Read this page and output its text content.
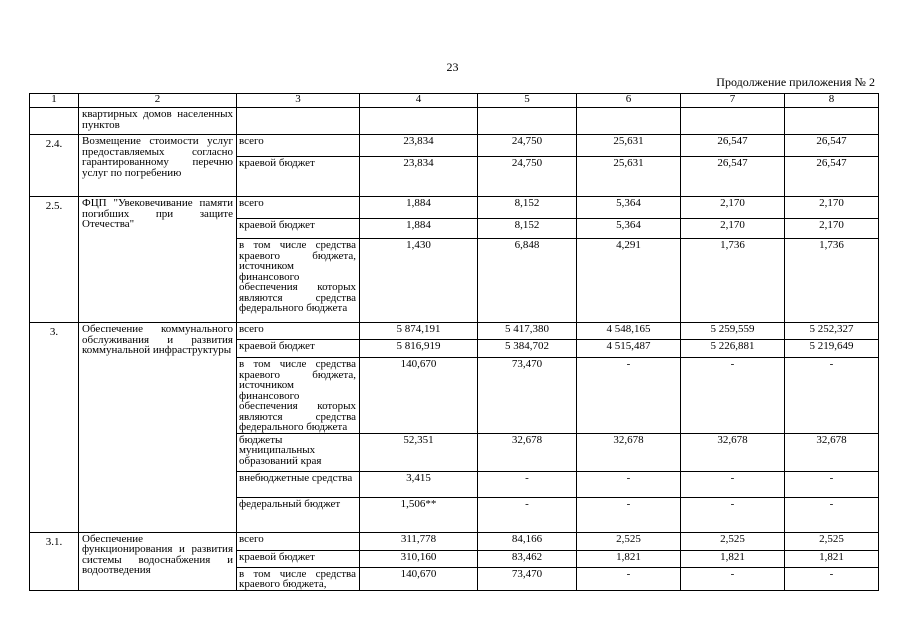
23
Продолжение приложения № 2
1	2	3	4	5	6	7	8
	квартирных домов населенных пунктов						
2.4.	Возмещение стоимости услуг предоставляемых согласно гарантированному перечню услуг по погребению	всего	23,834	24,750	25,631	26,547	26,547
		краевой бюджет	23,834	24,750	25,631	26,547	26,547
2.5.	ФЦП "Увековечивание памяти погибших при защите Отечества"	всего	1,884	8,152	5,364	2,170	2,170
		краевой бюджет	1,884	8,152	5,364	2,170	2,170
		в том числе средства краевого бюджета, источником финансового обеспечения которых являются средства федерального бюджета	1,430	6,848	4,291	1,736	1,736
3.	Обеспечение коммунального обслуживания и развития коммунальной инфраструктуры	всего	5 874,191	5 417,380	4 548,165	5 259,559	5 252,327
		краевой бюджет	5 816,919	5 384,702	4 515,487	5 226,881	5 219,649
		в том числе средства краевого бюджета, источником финансового обеспечения которых являются средства федерального бюджета	140,670	73,470	-	-	-
		бюджеты муниципальных образований края	52,351	32,678	32,678	32,678	32,678
		внебюджетные средства	3,415	-	-	-	-
		федеральный бюджет	1,506**	-	-	-	-
3.1.	Обеспечение функционирования и развития системы водоснабжения и водоотведения	всего	311,778	84,166	2,525	2,525	2,525
		краевой бюджет	310,160	83,462	1,821	1,821	1,821
		в том числе средства краевого бюджета,	140,670	73,470	-	-	-
